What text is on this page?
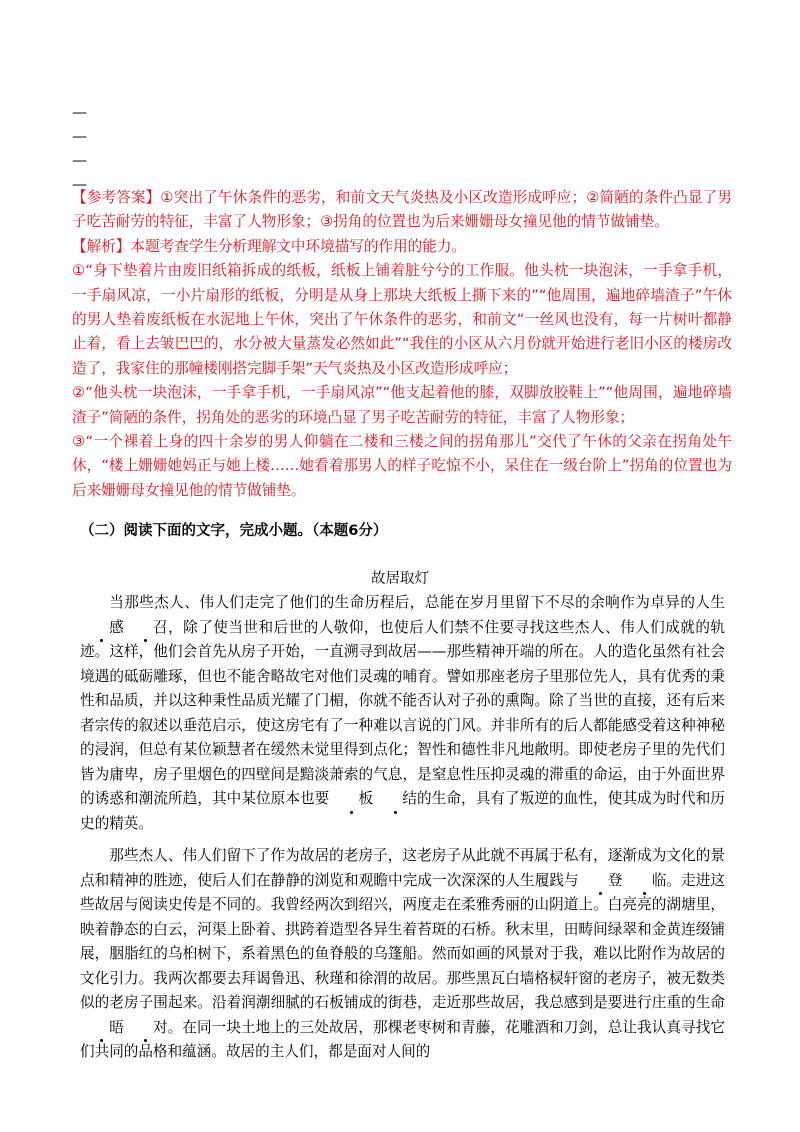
—
—
—
—

【参考答案】①突出了午休条件的恶劣，和前文天气炎热及小区改造形成呼应；②简陋的条件凸显了男子吃苦耐劳的特征，丰富了人物形象；③拐角的位置也为后来姗姗母女撞见他的情节做铺垫。

【解析】本题考查学生分析理解文中环境描写的作用的能力。

①“身下垫着片由废旧纸箱拆成的纸板，纸板上铺着脏兮兮的工作服。他头枕一块泡沫，一手拿手机，一手扇风凉，一小片扇形的纸板，分明是从身上那块大纸板上撕下来的”“他周围，遍地碎墙渣子”午休的男人垫着废纸板在水泥地上午休，突出了午休条件的恶劣，和前文“一丝风也没有，每一片树叶都静止着，看上去皱巴巴的，水分被大量蒸发必然如此”“我住的小区从六月份就开始进行老旧小区的楼房改造了，我家住的那幢楼刚搭完脚手架”天气炎热及小区改造形成呼应；

②“他头枕一块泡沫，一手拿手机，一手扇风凉”“他支起着他的膝，双脚放胶鞋上”“他周围，遍地碎墙渣子”简陋的条件，拐角处的恶劣的环境凸显了男子吃苦耐劳的特征，丰富了人物形象；

③“一个裸着上身的四十余岁的男人仰躺在二楼和三楼之间的拐角那儿”交代了午休的父亲在拐角处午休，“楼上姗姗她妈正与她上楼……她看着那男人的样子吃惊不小，呆住在一级台阶上”拐角的位置也为后来姗姗母女撞见他的情节做铺垫。

（二）阅读下面的文字，完成小题。（本题6分）
故居取灯

当那些杰人、伟人们走完了他们的生命历程后，总能在岁月里留下不尽的余响作为卓异的人生感 召，除了使当世和后世的人敬仰，也使后人们禁不住要寻找这些杰人、伟人们成就的轨迹。这样，他们会首先从房子开始，一直溯寻到故居——那些精神开端的所在。人的造化虽然有社会境遇的砥砺雕琢，但也不能舍略故宅对他们灵魂的哺育。譬如那座老房子里那位先人，具有优秀的秉性和品质，并以这种秉性品质光耀了门楣，你就不能否认对子孙的熏陶。除了当世的直接，还有后来者宗传的叙述以垂范启示，使这房宅有了一种难以言说的门风。并非所有的后人都能感受着这种神秘的浸润，但总有某位颖慧者在缓然未觉里得到点化；智性和德性非凡地敞明。即使老房子里的先代们皆为庸卑，房子里烟色的四壁间是黯淡萧索的气息，是窒息性压抑灵魂的滞重的命运，由于外面世界的诱惑和潮流所趋，其中某位原本也要 板 结的生命，具有了叛逆的血性，使其成为时代和历史的精英。

那些杰人、伟人们留下了作为故居的老房子，这老房子从此就不再属于私有，逐渐成为文化的景点和精神的胜迹，使后人们在静静的浏览和观瞻中完成一次深深的人生履践与 登 临。走进这些故居与阅读史传是不同的。我曾经两次到绍兴，两度走在柔雅秀丽的山阴道上。白亮亮的湖塘里，映着静态的白云，河渠上卧着、拱跨着造型各异生着苔斑的石桥。秋末里，田畴间绿翠和金黄连缀铺展，胭脂红的乌桕树下，系着黑色的鱼脊般的乌篷船。然而如画的风景对于我，难以比附作为故居的文化引力。我两次都要去拜谒鲁迅、秋瑾和徐渭的故居。那些黑瓦白墙格棂轩窗的老房子，被无数类似的老房子围起来。沿着润潮细腻的石板铺成的街巷，走近那些故居，我总感到是要进行庄重的生命晤 对。在同一块土地上的三处故居，那棵老枣树和青藤，花雕酒和刀剑，总让我认真寻找它们共同的品格和蕴涵。故居的主人们，都是面对人间的
